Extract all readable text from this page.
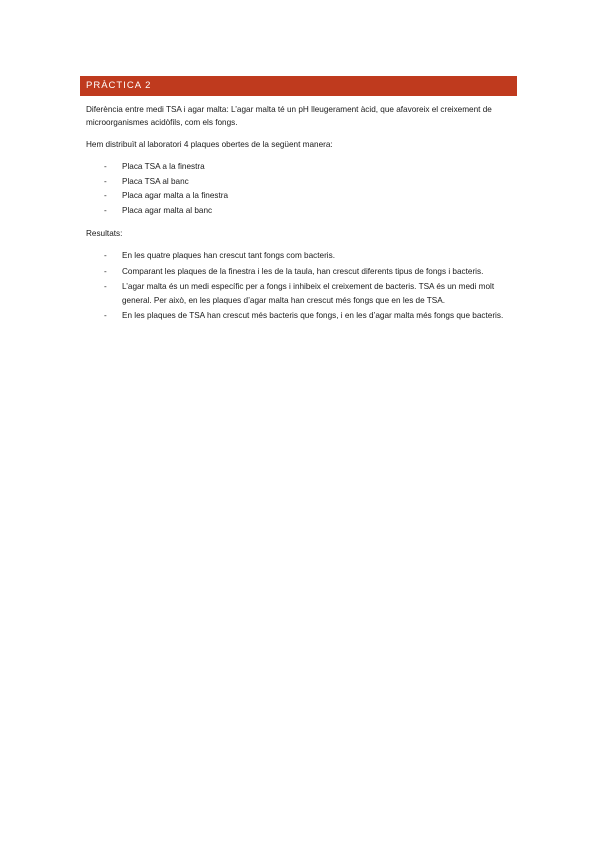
PRÀCTICA 2

Diferència entre medi TSA i agar malta: L’agar malta té un pH lleugerament àcid, que afavoreix el creixement de microorganismes acidòfils, com els fongs.

Hem distribuït al laboratori 4 plaques obertes de la següent manera:

- Placa TSA a la finestra
- Placa TSA al banc
- Placa agar malta a la finestra
- Placa agar malta al banc

Resultats:

- En les quatre plaques han crescut tant fongs com bacteris.
- Comparant les plaques de la finestra i les de la taula, han crescut diferents tipus de fongs i bacteris.
- L’agar malta és un medi específic per a fongs i inhibeix el creixement de bacteris. TSA és un medi molt general. Per això, en les plaques d’agar malta han crescut més fongs que en les de TSA.
- En les plaques de TSA han crescut més bacteris que fongs, i en les d’agar malta més fongs que bacteris.
